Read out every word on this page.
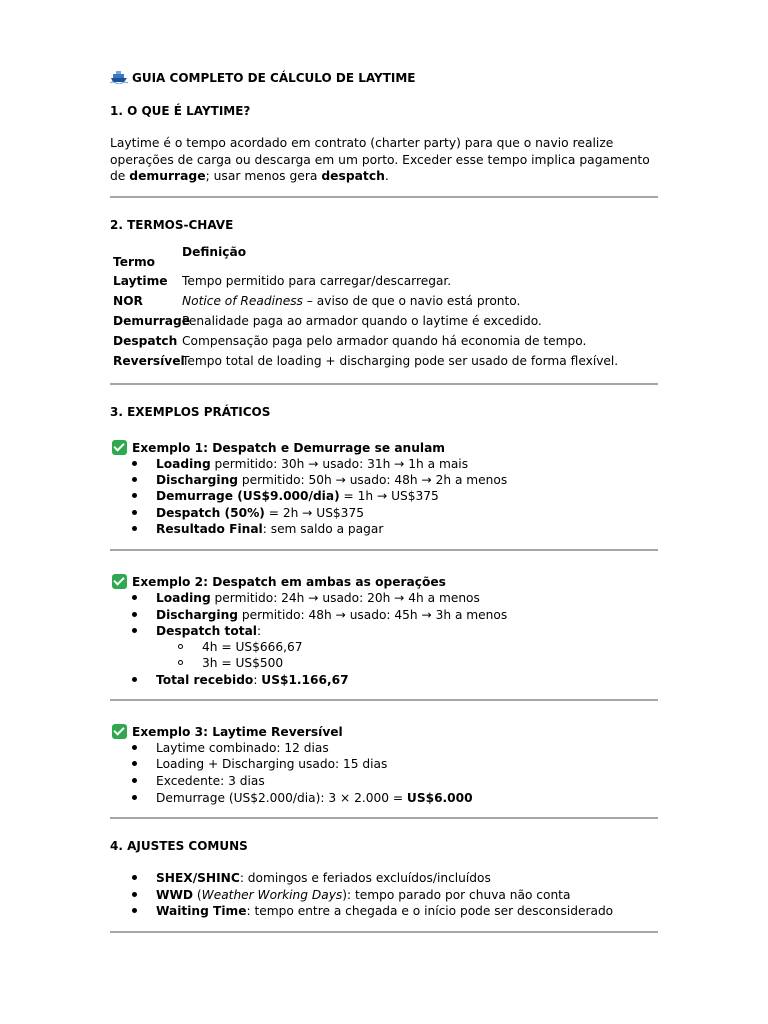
GUIA COMPLETO DE CÁLCULO DE LAYTIME
1. O QUE É LAYTIME?
Laytime é o tempo acordado em contrato (charter party) para que o navio realize operações de carga ou descarga em um porto. Exceder esse tempo implica pagamento de demurrage; usar menos gera despatch.
2. TERMOS-CHAVE
Termo
Definição
Laytime Tempo permitido para carregar/descarregar.
NOR	Notice of Readiness – aviso de que o navio está pronto.
Demurrage
Penalidade paga ao armador quando o laytime é excedido.
Despatch Compensação paga pelo armador quando há economia de tempo.
Reversível
Tempo total de loading + discharging pode ser usado de forma flexível.
3. EXEMPLOS PRÁTICOS
Exemplo 1: Despatch e Demurrage se anulam
Loading permitido: 30h → usado: 31h → 1h a mais
Discharging permitido: 50h → usado: 48h → 2h a menos
Demurrage (US$9.000/dia) = 1h → US$375
Despatch (50%) = 2h → US$375
Resultado Final: sem saldo a pagar
Exemplo 2: Despatch em ambas as operações
Loading permitido: 24h → usado: 20h → 4h a menos
Discharging permitido: 48h → usado: 45h → 3h a menos
Despatch total:
4h = US$666,67
3h = US$500
Total recebido: US$1.166,67
Exemplo 3: Laytime Reversível
Laytime combinado: 12 dias
Loading + Discharging usado: 15 dias
Excedente: 3 dias
Demurrage (US$2.000/dia): 3 × 2.000 = US$6.000
4. AJUSTES COMUNS
SHEX/SHINC: domingos e feriados excluídos/incluídos
WWD (Weather Working Days): tempo parado por chuva não conta
Waiting Time: tempo entre a chegada e o início pode ser desconsiderado
